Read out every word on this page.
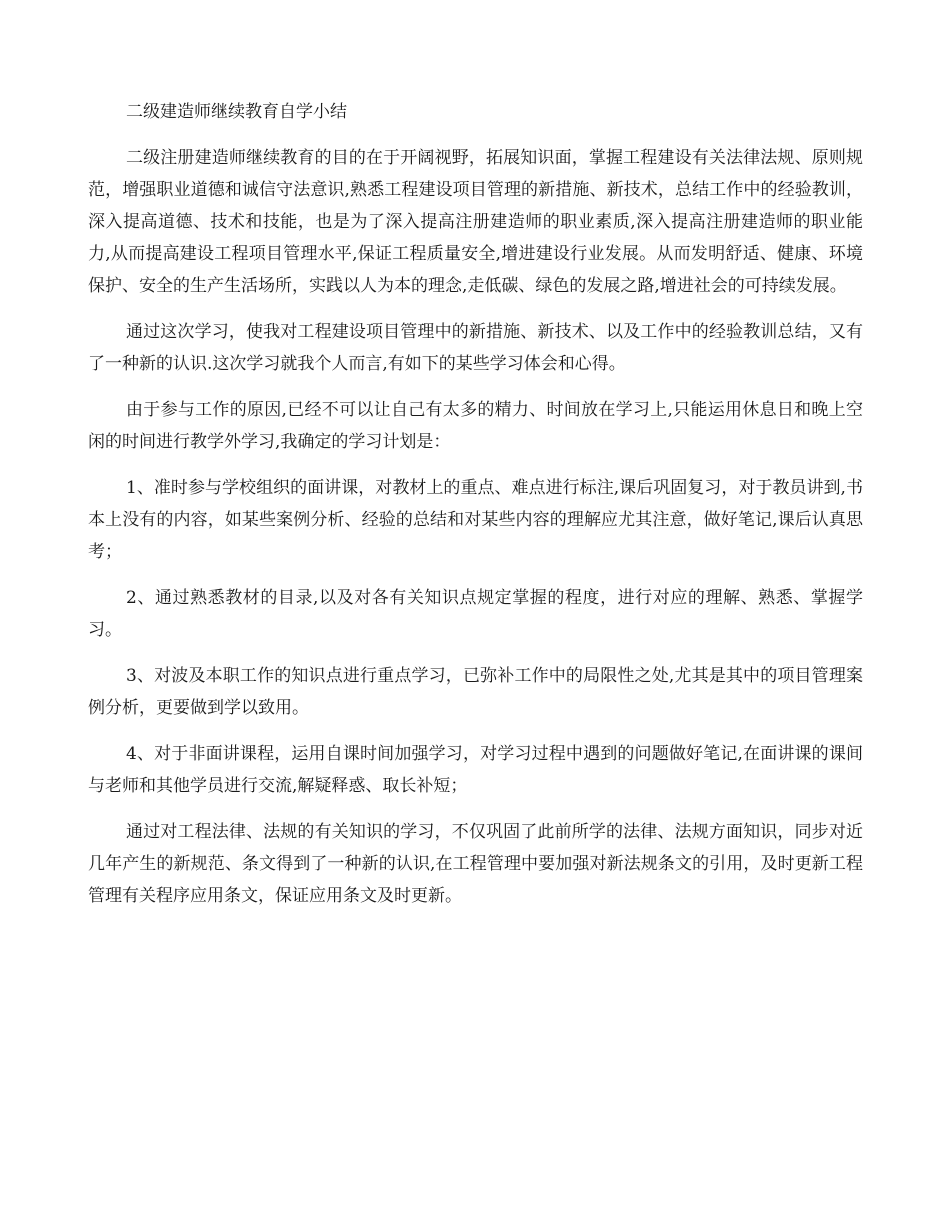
二级建造师继续教育自学小结

二级注册建造师继续教育的目的在于开阔视野，拓展知识面，掌握工程建设有关法律法规、原则规范，增强职业道德和诚信守法意识,熟悉工程建设项目管理的新措施、新技术，总结工作中的经验教训，深入提高道德、技术和技能，也是为了深入提高注册建造师的职业素质,深入提高注册建造师的职业能力,从而提高建设工程项目管理水平,保证工程质量安全,增进建设行业发展。从而发明舒适、健康、环境保护、安全的生产生活场所，实践以人为本的理念,走低碳、绿色的发展之路,增进社会的可持续发展。

通过这次学习，使我对工程建设项目管理中的新措施、新技术、以及工作中的经验教训总结，又有了一种新的认识.这次学习就我个人而言,有如下的某些学习体会和心得。

由于参与工作的原因,已经不可以让自己有太多的精力、时间放在学习上,只能运用休息日和晚上空闲的时间进行教学外学习,我确定的学习计划是：

1、准时参与学校组织的面讲课，对教材上的重点、难点进行标注,课后巩固复习，对于教员讲到,书本上没有的内容，如某些案例分析、经验的总结和对某些内容的理解应尤其注意，做好笔记,课后认真思考；

2、通过熟悉教材的目录,以及对各有关知识点规定掌握的程度，进行对应的理解、熟悉、掌握学习。

3、对波及本职工作的知识点进行重点学习，已弥补工作中的局限性之处,尤其是其中的项目管理案例分析，更要做到学以致用。

4、对于非面讲课程，运用自课时间加强学习，对学习过程中遇到的问题做好笔记,在面讲课的课间与老师和其他学员进行交流,解疑释惑、取长补短；

通过对工程法律、法规的有关知识的学习，不仅巩固了此前所学的法律、法规方面知识，同步对近几年产生的新规范、条文得到了一种新的认识,在工程管理中要加强对新法规条文的引用，及时更新工程管理有关程序应用条文，保证应用条文及时更新。
